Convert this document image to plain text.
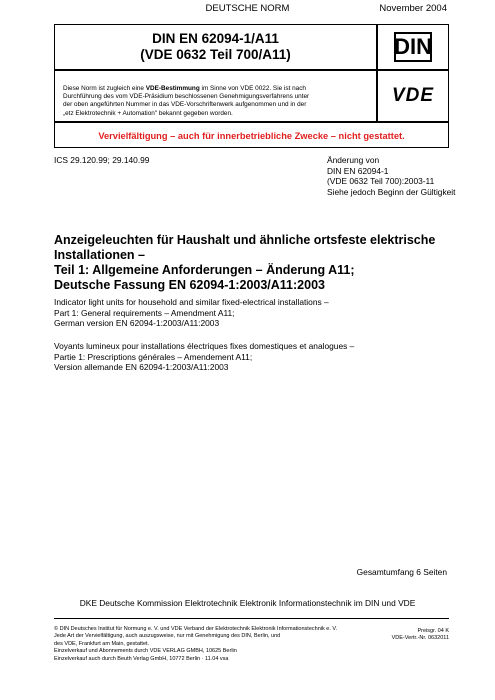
DEUTSCHE NORM	November 2004
DIN EN 62094-1/A11
(VDE 0632 Teil 700/A11)	DIN
Diese Norm ist zugleich eine VDE-Bestimmung im Sinne von VDE 0022. Sie ist nach
Durchführung des vom VDE-Präsidium beschlossenen Genehmigungsverfahrens unter
der oben angeführten Nummer in das VDE-Vorschriftenwerk aufgenommen und in der
„etz Elektrotechnik + Automation" bekannt gegeben worden.
VDE
Vervielfältigung – auch für innerbetriebliche Zwecke – nicht gestattet.
ICS 29.120.99; 29.140.99	Änderung von
DIN EN 62094-1
(VDE 0632 Teil 700):2003-11
Siehe jedoch Beginn der Gültigkeit
Anzeigeleuchten für Haushalt und ähnliche ortsfeste elektrische
Installationen –
Teil 1: Allgemeine Anforderungen – Änderung A11;
Deutsche Fassung EN 62094-1:2003/A11:2003
Indicator light units for household and similar fixed-electrical installations –
Part 1: General requirements – Amendment A11;
German version EN 62094-1:2003/A11:2003
Voyants lumineux pour installations électriques fixes domestiques et analogues –
Partie 1: Prescriptions générales – Amendement A11;
Version allemande EN 62094-1:2003/A11:2003
Gesamtumfang 6 Seiten
DKE Deutsche Kommission Elektrotechnik Elektronik Informationstechnik im DIN und VDE
© DIN Deutsches Institut für Normung e. V. und VDE Verband der Elektrotechnik Elektronik Informationstechnik e. V.
Jede Art der Vervielfältigung, auch auszugsweise, nur mit Genehmigung des DIN, Berlin, und
des VDE, Frankfurt am Main, gestattet.
Einzelverkauf und Abonnements durch VDE VERLAG GMBH, 10625 Berlin
Einzelverkauf auch durch Beuth Verlag GmbH, 10772 Berlin · 11.04 vsa
Preisgr. 04 K
VDE-Vertr.-Nr. 0632011
